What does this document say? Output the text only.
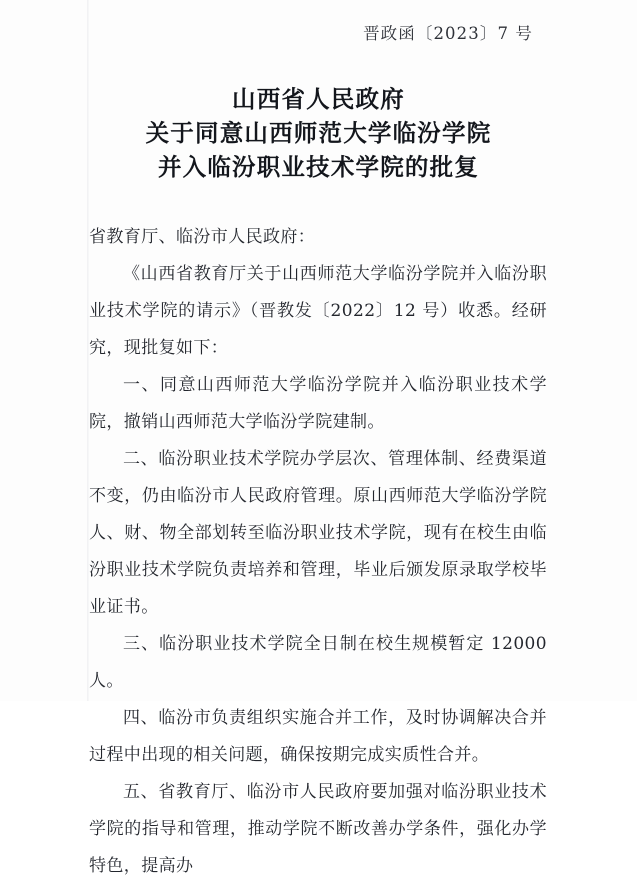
晋政函〔2023〕7 号
山西省人民政府
关于同意山西师范大学临汾学院
并入临汾职业技术学院的批复

省教育厅、临汾市人民政府：

《山西省教育厅关于山西师范大学临汾学院并入临汾职业技术学院的请示》（晋教发〔2022〕12 号）收悉。经研究，现批复如下：

一、同意山西师范大学临汾学院并入临汾职业技术学院，撤销山西师范大学临汾学院建制。

二、临汾职业技术学院办学层次、管理体制、经费渠道不变，仍由临汾市人民政府管理。原山西师范大学临汾学院人、财、物全部划转至临汾职业技术学院，现有在校生由临汾职业技术学院负责培养和管理，毕业后颁发原录取学校毕业证书。

三、临汾职业技术学院全日制在校生规模暂定 12000 人。

四、临汾市负责组织实施合并工作，及时协调解决合并过程中出现的相关问题，确保按期完成实质性合并。

五、省教育厅、临汾市人民政府要加强对临汾职业技术学院的指导和管理，推动学院不断改善办学条件，强化办学特色，提高办
